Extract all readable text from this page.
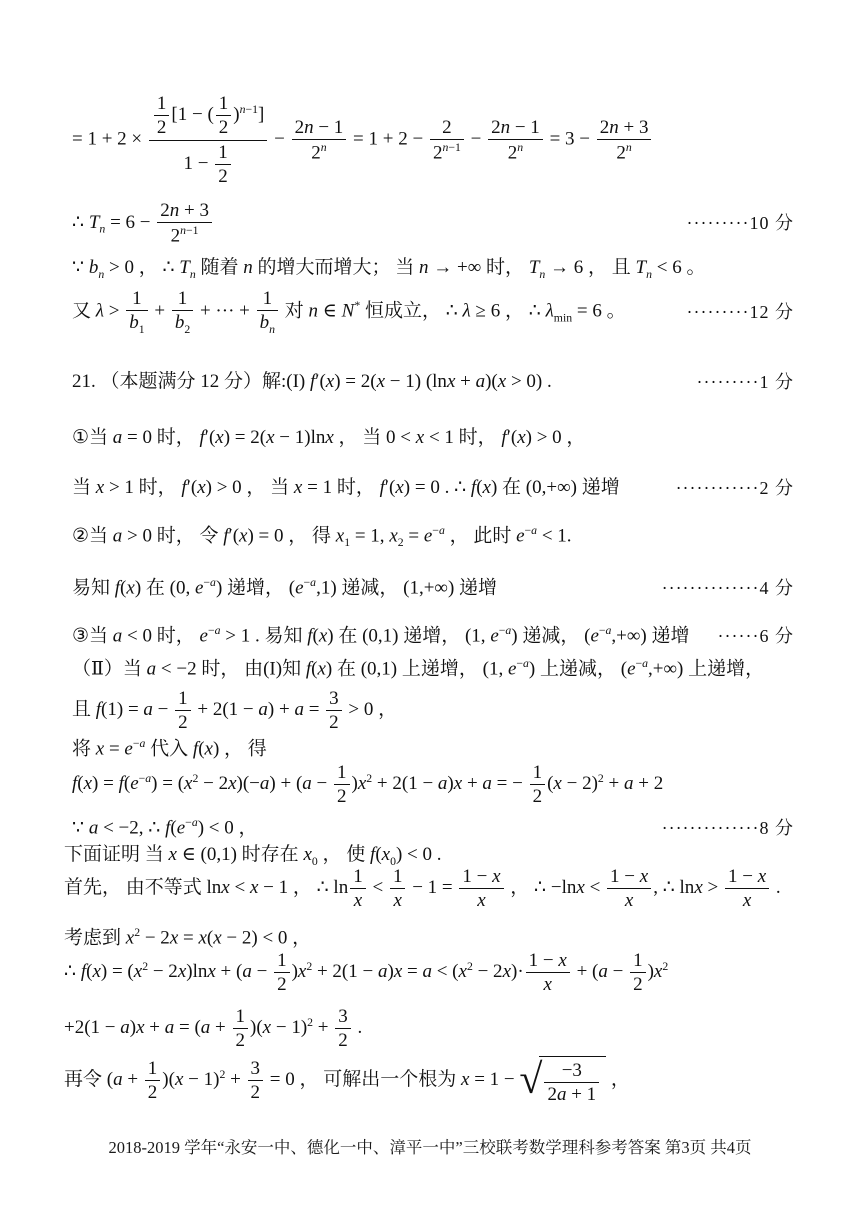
= $1 + 2 \times \frac{\frac{1}{2} [1 - ( \frac{1}{2} )^{n-1}]}{1 - \frac{1}{2}} - \frac{2n - 1}{2^n} = 1 + 2 - \frac{2}{2^{n-1}} - \frac{2n - 1}{2^n} = 3 - \frac{2n + 3}{2^n}$
∴ $T_n = 6 - \frac{2n + 3}{2^{n-1}}$	·········10 分
∵ $b_n > 0$ ， ∴ $T_n$ 随着 n 的增大而增大； 当 n → +∞ 时， $T_n \to 6$ ， 且 $T_n < 6$ 。
又 $\lambda > \frac{1}{b_1} + \frac{1}{b_2}$ + ··· + $\frac{1}{b_n}$ 对 n ∈ N* 恒成立， ∴ λ ≥ 6 ， ∴ $\lambda_{min} = 6$ 。	·········12 分
21. （本题满分 12 分）解:(I) f′(x) = 2(x − 1) (lnx + a)(x > 0) .	·········1 分
①当 a = 0 时， f′(x) = 2(x − 1)lnx ， 当 0 < x < 1 时， f′(x) > 0 ，
当 x > 1 时， f′(x) > 0 ， 当 x = 1 时， f′(x) = 0 . ∴ f(x) 在 (0,+∞) 递增	············2 分
②当 a > 0 时， 令 f′(x) = 0 ， 得 $x_1 = 1$, $x_2 = e^{-a}$ ， 此时 $e^{-a} < 1$.
易知 f(x) 在 (0, $e^{-a}$) 递增， $(e^{-a},1)$ 递减， (1,+∞) 递增	··············4 分
③当 a < 0 时， $e^{-a} > 1$ . 易知 f(x) 在 (0,1) 递增， (1, $e^{-a}$) 递减， $(e^{-a},+\infty)$ 递增 ······6 分
（Ⅱ）当 a < −2 时， 由(I)知 f(x) 在 (0,1) 上递增， (1, $e^{-a}$) 上递减， $(e^{-a},+\infty)$ 上递增，
且 $f(1) = a - \frac{1}{2} + 2(1 - a) + a = \frac{3}{2} > 0$ ，
将 $x = e^{-a}$ 代入 f(x) ， 得
$f(x) = f(e^{-a}) = (x^2 - 2x)(-a) + (a - \frac{1}{2} )x^2 + 2(1 - a)x + a$ = − $\frac{1}{2} (x - 2)^2 + a + 2$
∵ a < −2, ∴ $f(e^{-a}) < 0$ ，	··············8 分
下面证明 当 x ∈ (0,1) 时存在 $x_0$ ， 使 $f(x_0) < 0$ .
首先， 由不等式 lnx < x − 1 ， ∴ $\ln \frac{1}{x} < \frac{1}{x} - 1 = \frac{1 - x}{x}$ ， ∴ $-\ln x < \frac{1 - x}{x}$ , ∴ $\ln x > \frac{1 - x}{x}$ .
考虑到 $x^2 - 2x = x(x - 2) < 0$ ，
∴ $f(x) = (x^2 - 2x)\ln x + (a - \frac{1}{2} )x^2 + 2(1 - a)x = a < (x^2 - 2x)\cdot \frac{1 - x}{x} + (a - \frac{1}{2} )x^2$
$+2(1 - a)x + a = (a + \frac{1}{2} )(x - 1)^2 + \frac{3}{2}$ .
再令 $(a + \frac{1}{2} )(x - 1)^2 + \frac{3}{2} = 0$ ， 可解出一个根为 x = 1 − √ $\frac{-3}{2a + 1}$ ，
2018-2019 学年“永安一中、德化一中、漳平一中”三校联考数学理科参考答案 第3页 共4页
